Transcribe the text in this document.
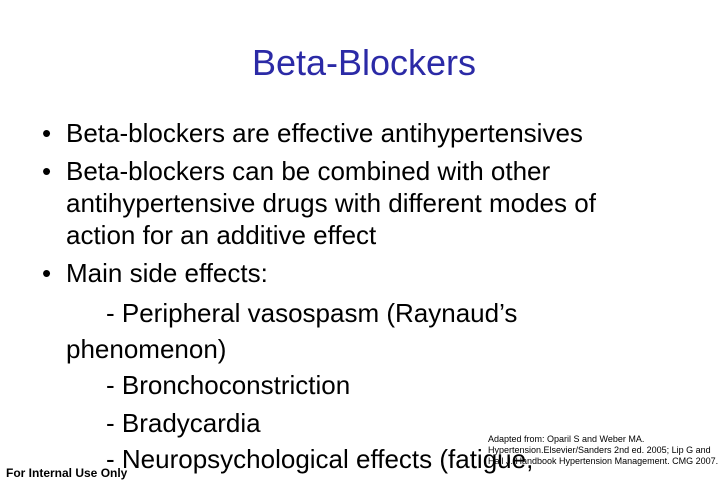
Beta-Blockers
• Beta-blockers are effective antihypertensives
• Beta-blockers can be combined with other
antihypertensive drugs with different modes of
action for an additive effect
• Main side effects:
- Peripheral vasospasm (Raynaud’s
phenomenon)
- Bronchoconstriction
- Bradycardia
- Neuropsychological effects (fatigue,
Adapted from: Oparil S and Weber MA. Hypertension.Elsevier/Sanders 2nd ed. 2005; Lip G and Hall J. Handbook Hypertension Management. CMG 2007.
For Internal Use Only
